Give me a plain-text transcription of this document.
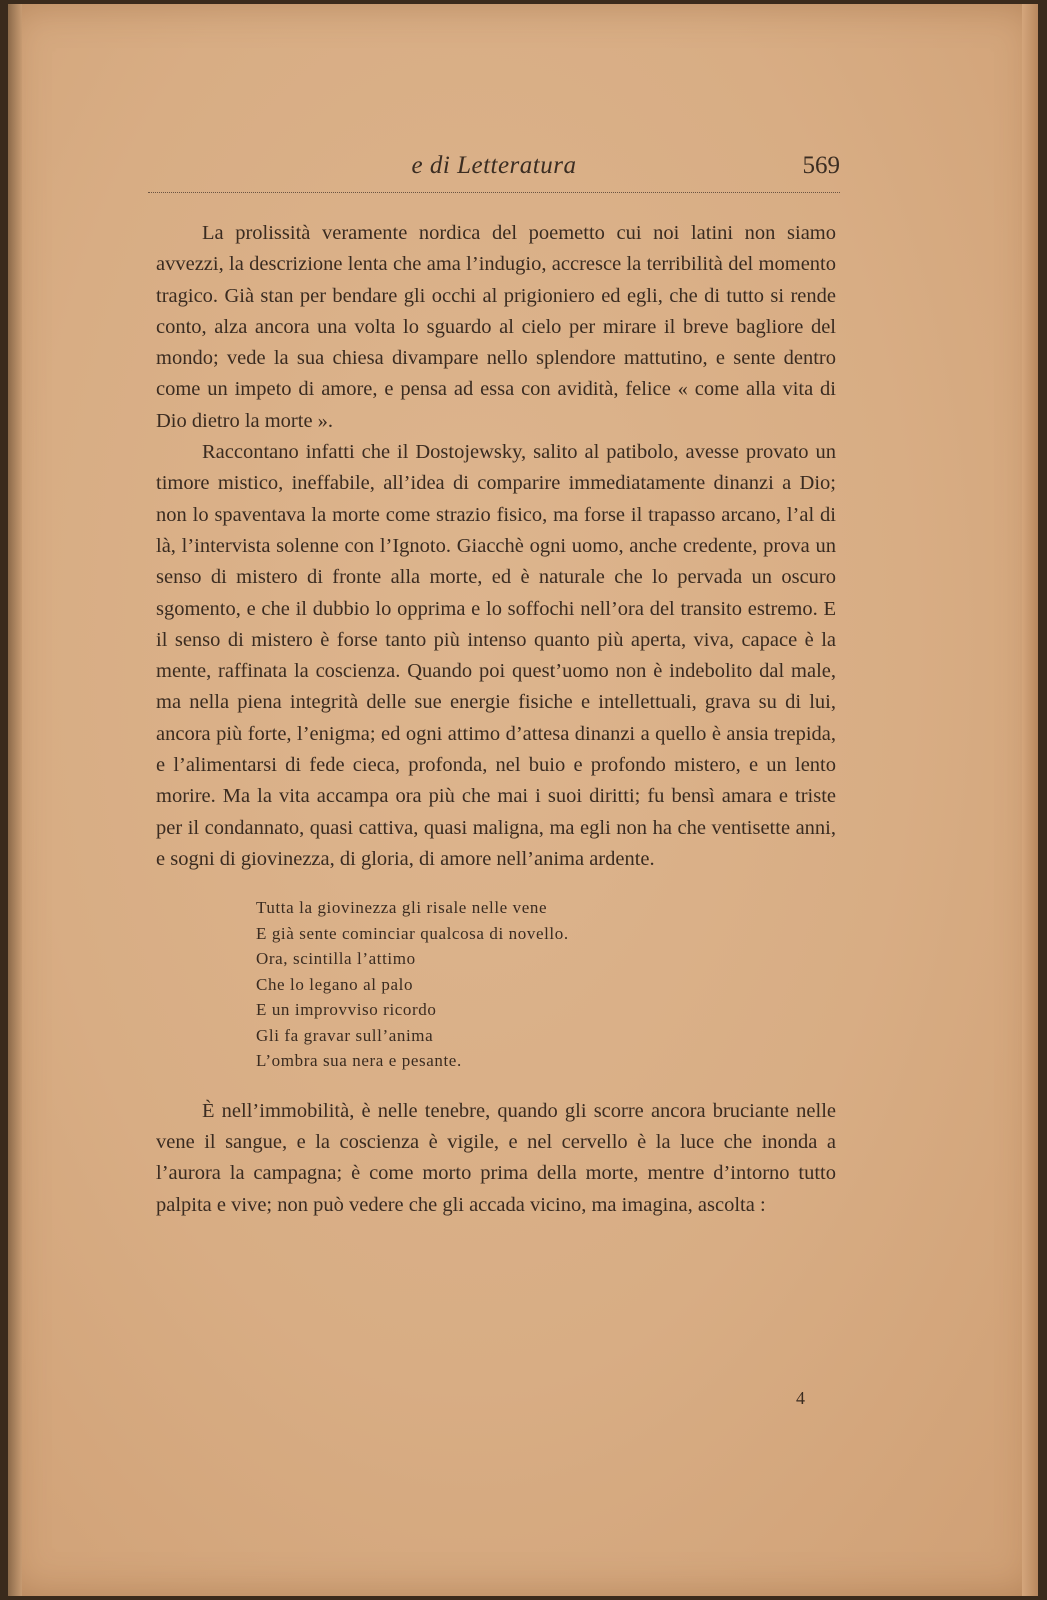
e di Letteratura	569

La prolissità veramente nordica del poemetto cui noi latini non siamo avvezzi, la descrizione lenta che ama l’indugio, accresce la terribilità del momento tragico. Già stan per bendare gli occhi al prigioniero ed egli, che di tutto si rende conto, alza ancora una volta lo sguardo al cielo per mirare il breve bagliore del mondo; vede la sua chiesa divampare nello splendore mattutino, e sente dentro come un impeto di amore, e pensa ad essa con avidità, felice « come alla vita di Dio dietro la morte ».

Raccontano infatti che il Dostojewsky, salito al patibolo, avesse provato un timore mistico, ineffabile, all’idea di comparire immediatamente dinanzi a Dio; non lo spaventava la morte come strazio fisico, ma forse il trapasso arcano, l’al di là, l’intervista solenne con l’Ignoto. Giacchè ogni uomo, anche credente, prova un senso di mistero di fronte alla morte, ed è naturale che lo pervada un oscuro sgomento, e che il dubbio lo opprima e lo soffochi nell’ora del transito estremo. E il senso di mistero è forse tanto più intenso quanto più aperta, viva, capace è la mente, raffinata la coscienza. Quando poi quest’uomo non è indebolito dal male, ma nella piena integrità delle sue energie fisiche e intellettuali, grava su di lui, ancora più forte, l’enigma; ed ogni attimo d’attesa dinanzi a quello è ansia trepida, e l’alimentarsi di fede cieca, profonda, nel buio e profondo mistero, e un lento morire. Ma la vita accampa ora più che mai i suoi diritti; fu bensì amara e triste per il condannato, quasi cattiva, quasi maligna, ma egli non ha che ventisette anni, e sogni di giovinezza, di gloria, di amore nell’anima ardente.

Tutta la giovinezza gli risale nelle vene
E già sente cominciar qualcosa di novello.
Ora, scintilla l’attimo
Che lo legano al palo
E un improvviso ricordo
Gli fa gravar sull’anima
L’ombra sua nera e pesante.

È nell’immobilità, è nelle tenebre, quando gli scorre ancora bruciante nelle vene il sangue, e la coscienza è vigile, e nel cervello è la luce che inonda a l’aurora la campagna; è come morto prima della morte, mentre d’intorno tutto palpita e vive; non può vedere che gli accada vicino, ma imagina, ascolta :

4
